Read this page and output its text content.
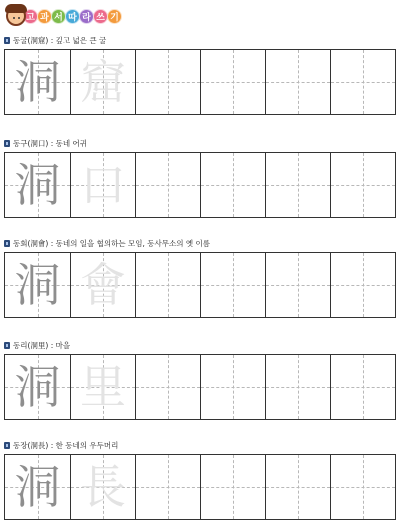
고 과 서 따 라 쓰 기
동굴(洞窟) : 깊고 넓은 큰 굴
洞 窟
동구(洞口) : 동네 어귀
洞 口
동회(洞會) : 동네의 일을 협의하는 모임, 동사무소의 옛 이름
洞 會
동리(洞里) : 마을
洞 里
동장(洞長) : 한 동네의 우두머리
洞 長
